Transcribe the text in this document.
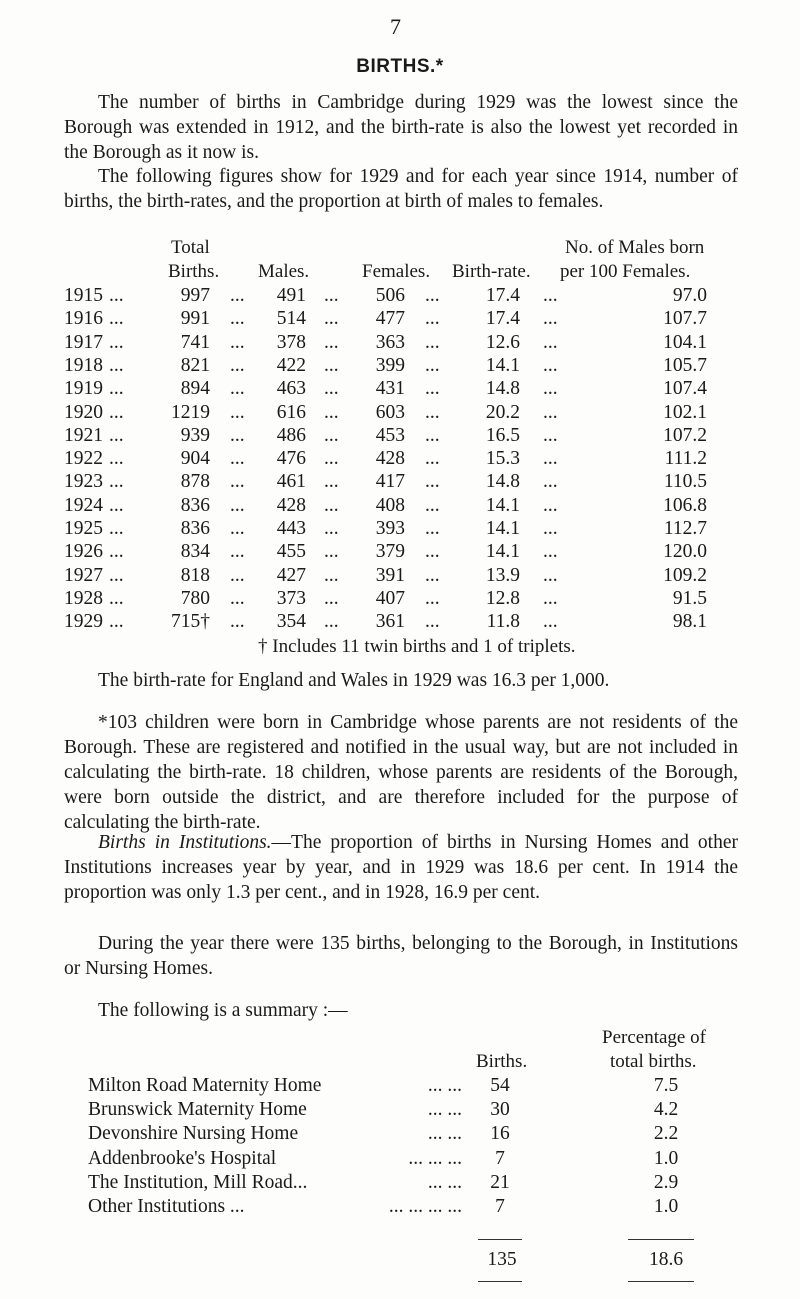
7
BIRTHS.*

The number of births in Cambridge during 1929 was the lowest since the Borough was extended in 1912, and the birth-rate is also the lowest yet recorded in the Borough as it now is.

The following figures show for 1929 and for each year since 1914, number of births, the birth-rates, and the proportion at birth of males to females.

Total
Births. Males.	Females. Birth-rate.
No. of Males born
per 100 Females.
1915 ...	997 ...	491 ...	506 ...	17.4 ...	97.0
1916 ...	991 ...	514 ...	477 ...	17.4 ...	107.7
1917 ...	741 ...	378 ...	363 ...	12.6 ...	104.1
1918 ...	821 ...	422 ...	399 ...	14.1 ...	105.7
1919 ...	894 ...	463 ...	431 ...	14.8 ...	107.4
1920 ... 1219 ...	616 ...	603 ...	20.2 ...	102.1
1921 ...	939 ...	486 ...	453 ...	16.5 ...	107.2
1922 ...	904 ...	476 ...	428 ...	15.3 ...	111.2
1923 ...	878 ...	461 ...	417 ...	14.8 ...	110.5
1924 ...	836 ...	428 ...	408 ...	14.1 ...	106.8
1925 ...	836 ...	443 ...	393 ...	14.1 ...	112.7
1926 ...	834 ...	455 ...	379 ...	14.1 ...	120.0
1927 ...	818 ...	427 ...	391 ...	13.9 ...	109.2
1928 ...	780 ...	373 ...	407 ...	12.8 ...	91.5
1929 ... 715† ...	354 ...	361 ...	11.8 ...	98.1
† Includes 11 twin births and 1 of triplets.

The birth-rate for England and Wales in 1929 was 16.3 per 1,000.

*103 children were born in Cambridge whose parents are not residents of the Borough. These are registered and notified in the usual way, but are not included in calculating the birth-rate. 18 children, whose parents are residents of the Borough, were born outside the district, and are therefore included for the purpose of calculating the birth-rate.

Births in Institutions.—The proportion of births in Nursing Homes and other Institutions increases year by year, and in 1929 was 18.6 per cent. In 1914 the proportion was only 1.3 per cent., and in 1928, 16.9 per cent.

During the year there were 135 births, belonging to the Borough, in Institutions or Nursing Homes.

The following is a summary :—
Percentage of
Births.	total births.
Milton Road Maternity Home	... ...	54	7.5
Brunswick Maternity Home	... ...	30	4.2
Devonshire Nursing Home	... ...	16	2.2
Addenbrooke's Hospital	... ... ...	7	1.0
The Institution, Mill Road...	... ...	21	2.9
Other Institutions ...	... ... ... ...	7	1.0
135	18.6
